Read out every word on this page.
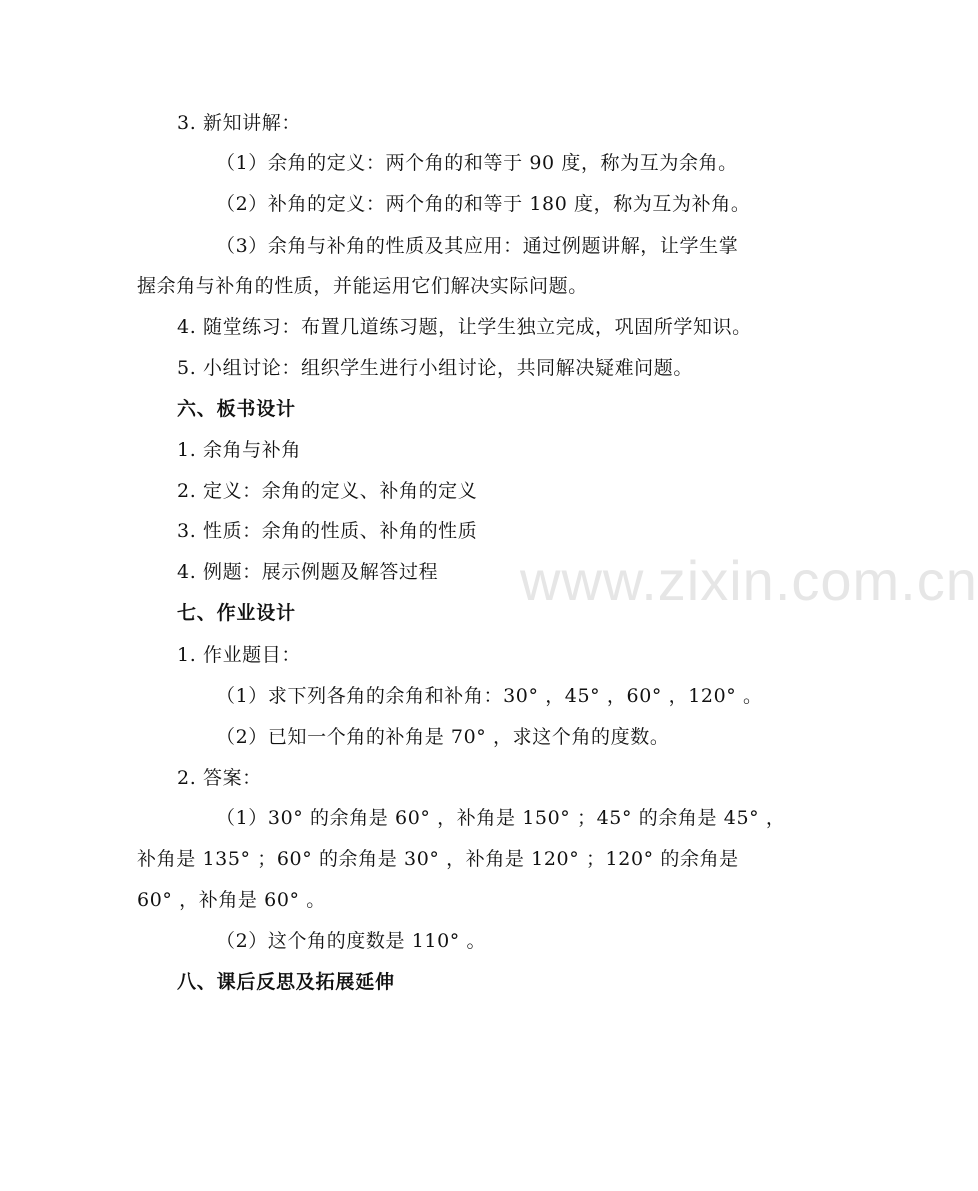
www.zixin.com.cn
3. 新知讲解：
（1）余角的定义：两个角的和等于 90 度，称为互为余角。
（2）补角的定义：两个角的和等于 180 度，称为互为补角。
（3）余角与补角的性质及其应用：通过例题讲解，让学生掌
握余角与补角的性质，并能运用它们解决实际问题。
4. 随堂练习：布置几道练习题，让学生独立完成，巩固所学知识。
5. 小组讨论：组织学生进行小组讨论，共同解决疑难问题。
六、板书设计
1. 余角与补角
2. 定义：余角的定义、补角的定义
3. 性质：余角的性质、补角的性质
4. 例题：展示例题及解答过程
七、作业设计
1. 作业题目：
（1）求下列各角的余角和补角：30° ，45° ，60° ，120° 。
（2）已知一个角的补角是 70° ，求这个角的度数。
2. 答案：
（1）30° 的余角是 60° ，补角是 150° ；45° 的余角是 45° ，
补角是 135° ；60° 的余角是 30° ，补角是 120° ；120° 的余角是
60° ，补角是 60° 。
（2）这个角的度数是 110° 。
八、课后反思及拓展延伸
